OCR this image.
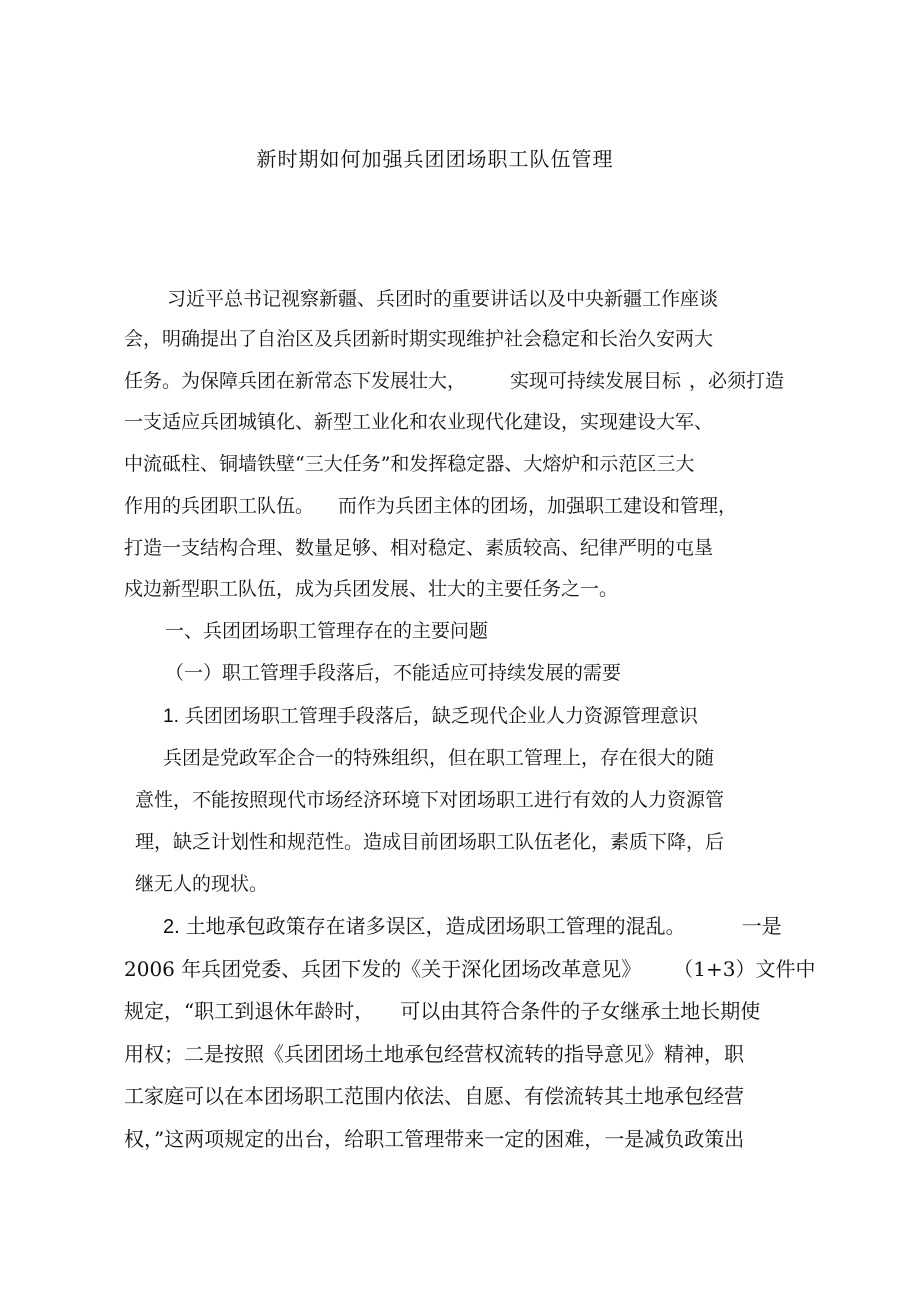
新时期如何加强兵团团场职工队伍管理
习近平总书记视察新疆、兵团时的重要讲话以及中央新疆工作座谈
会，明确提出了自治区及兵团新时期实现维护社会稳定和长治久安两大
任务。为保障兵团在新常态下发展壮大， 实现可持续发展目标 ，必须打造
一支适应兵团城镇化、新型工业化和农业现代化建设，实现建设大军、
中流砥柱、铜墙铁壁“三大任务”和发挥稳定器、大熔炉和示范区三大
作用的兵团职工队伍。 而作为兵团主体的团场，加强职工建设和管理，
打造一支结构合理、数量足够、相对稳定、素质较高、纪律严明的屯垦
戍边新型职工队伍，成为兵团发展、壮大的主要任务之一。
一、兵团团场职工管理存在的主要问题
（一）职工管理手段落后，不能适应可持续发展的需要
1. 兵团团场职工管理手段落后，缺乏现代企业人力资源管理意识
兵团是党政军企合一的特殊组织，但在职工管理上，存在很大的随
意性，不能按照现代市场经济环境下对团场职工进行有效的人力资源管
理，缺乏计划性和规范性。造成目前团场职工队伍老化，素质下降，后
继无人的现状。
2. 土地承包政策存在诸多误区，造成团场职工管理的混乱。	一是
2006 年兵团党委、兵团下发的《关于深化团场改革意见》 （1+3）文件中
规定，“职工到退休年龄时， 可以由其符合条件的子女继承土地长期使
用权；二是按照《兵团团场土地承包经营权流转的指导意见》精神，职
工家庭可以在本团场职工范围内依法、自愿、有偿流转其土地承包经营
权，”这两项规定的出台，给职工管理带来一定的困难，一是减负政策出
